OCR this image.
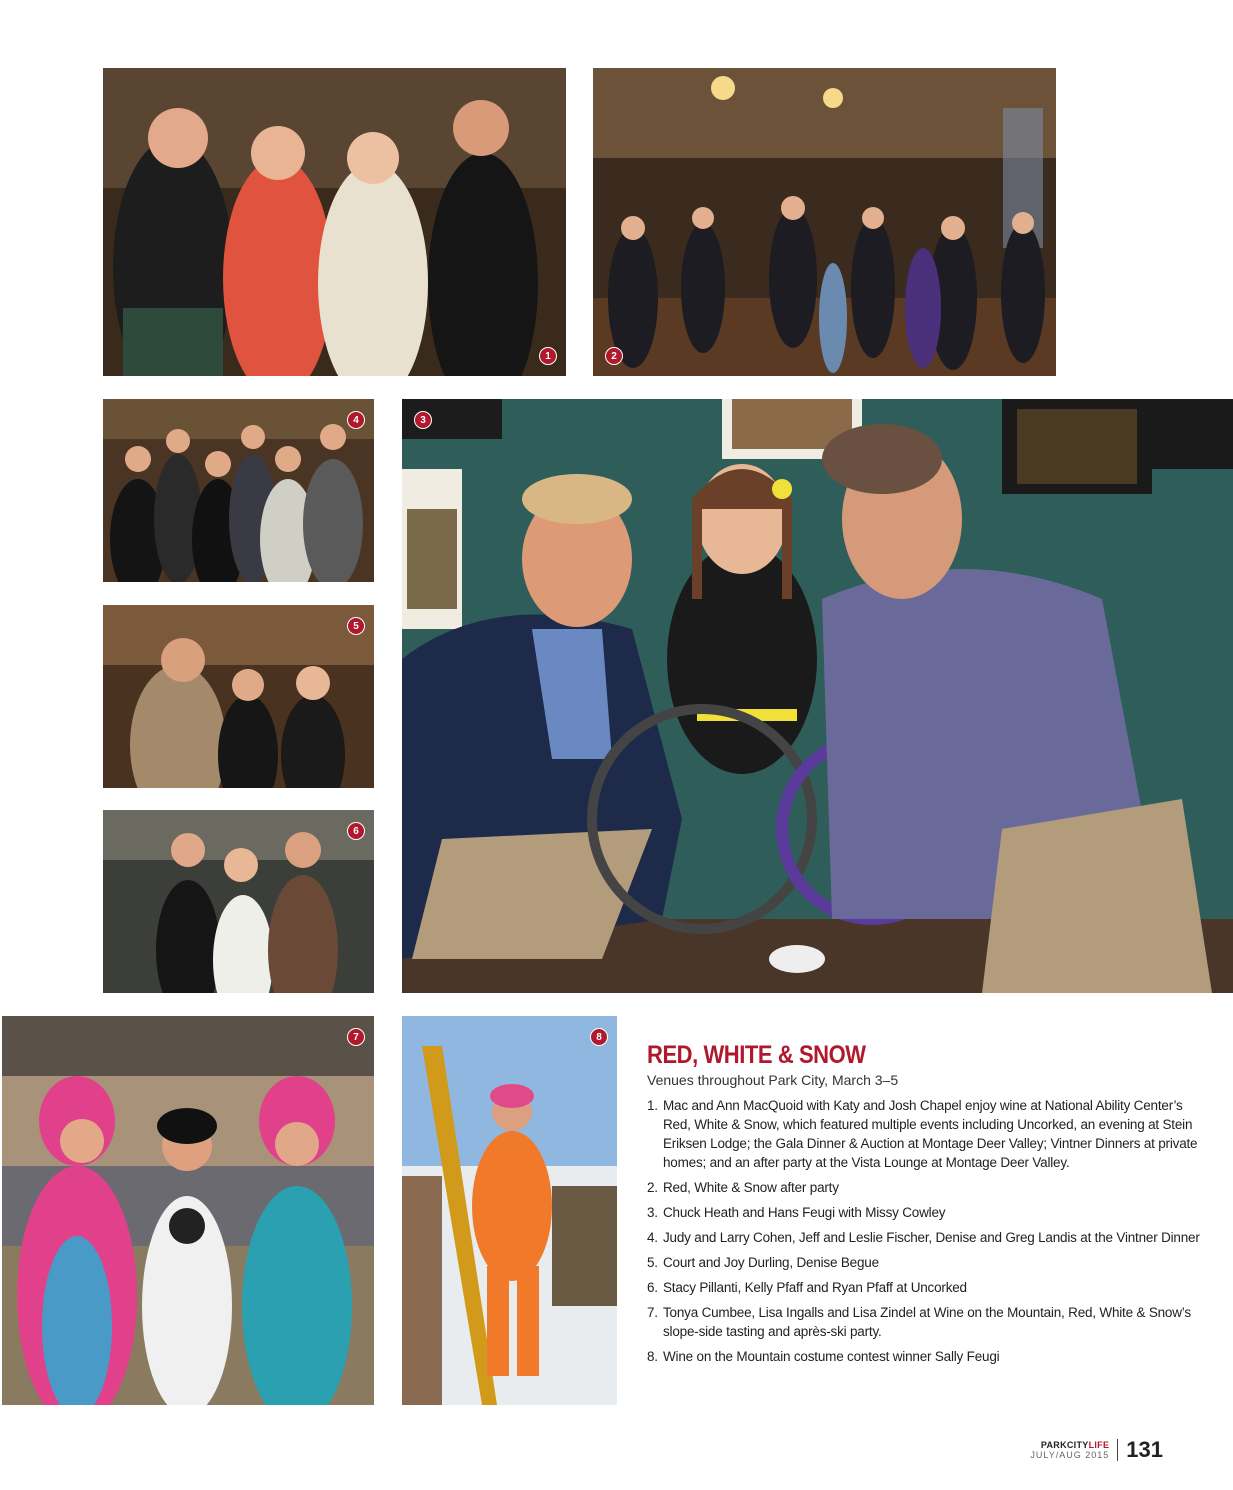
1	2
4
5
6
3
7	8
RED, WHITE & SNOW
Venues throughout Park City, March 3–5
1. Mac and Ann MacQuoid with Katy and Josh Chapel enjoy wine at National Ability Center’s Red, White & Snow, which featured multiple events including Uncorked, an evening at Stein Eriksen Lodge; the Gala Dinner & Auction at Montage Deer Valley; Vintner Dinners at private homes; and an after party at the Vista Lounge at Montage Deer Valley.
2. Red, White & Snow after party
3. Chuck Heath and Hans Feugi with Missy Cowley
4. Judy and Larry Cohen, Jeff and Leslie Fischer, Denise and Greg Landis at the Vintner Dinner
5. Court and Joy Durling, Denise Begue
6. Stacy Pillanti, Kelly Pfaff and Ryan Pfaff at Uncorked
7. Tonya Cumbee, Lisa Ingalls and Lisa Zindel at Wine on the Mountain, Red, White & Snow’s slope-side tasting and après-ski party.
8. Wine on the Mountain costume contest winner Sally Feugi
PARKCITYLIFE
JULY/AUG 2015 131
